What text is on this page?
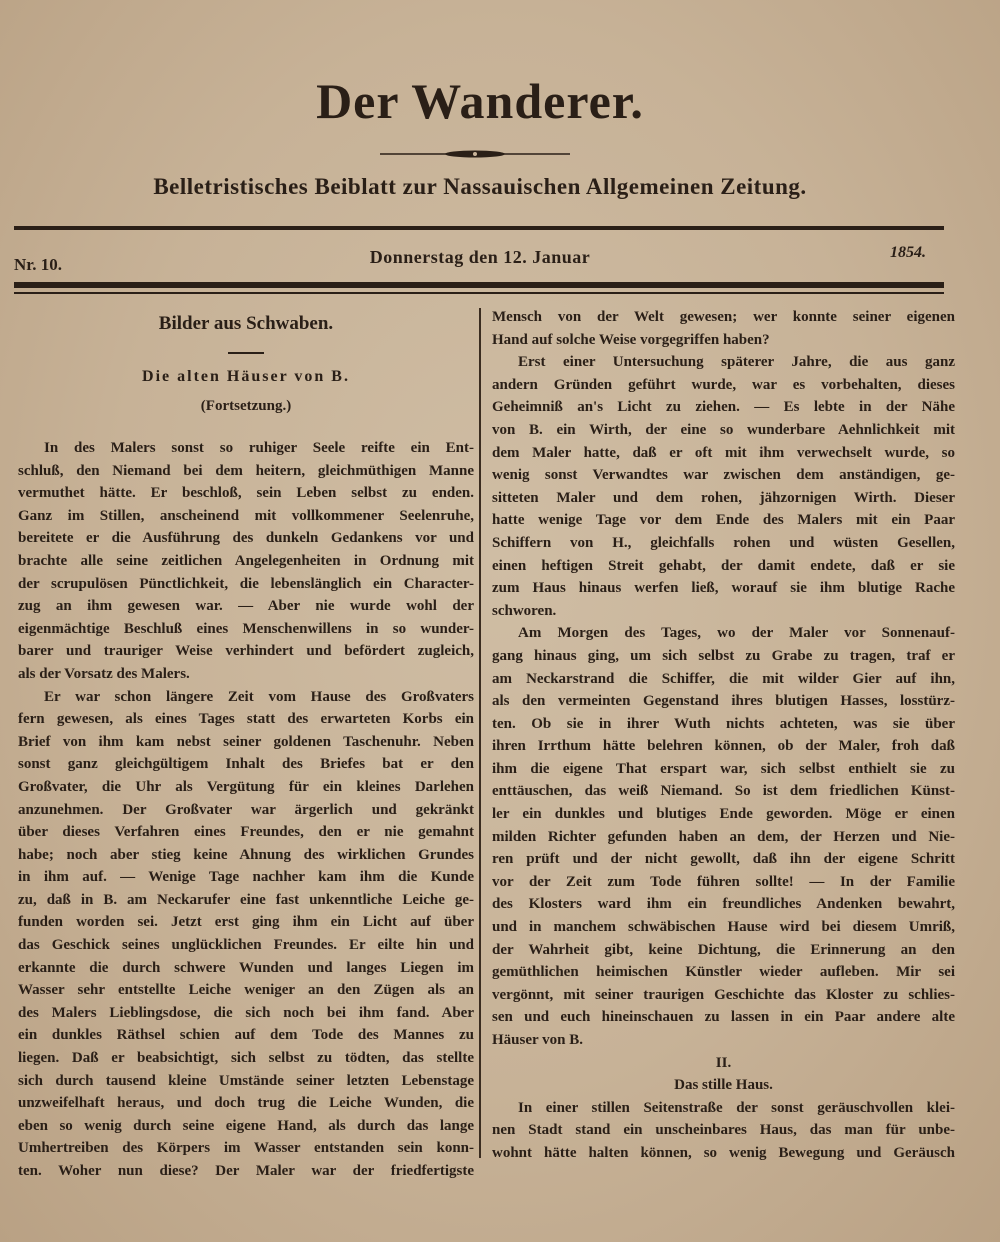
Der Wanderer.
Belletristisches Beiblatt zur Nassauischen Allgemeinen Zeitung.
Nr. 10.	Donnerstag den 12. Januar	1854.
Bilder aus Schwaben.
Die alten Häuser von B.
(Fortsetzung.)
In des Malers sonst so ruhiger Seele reifte ein Ent-
schluß, den Niemand bei dem heitern, gleichmüthigen Manne
vermuthet hätte. Er beschloß, sein Leben selbst zu enden.
Ganz im Stillen, anscheinend mit vollkommener Seelenruhe,
bereitete er die Ausführung des dunkeln Gedankens vor und
brachte alle seine zeitlichen Angelegenheiten in Ordnung mit
der scrupulösen Pünctlichkeit, die lebenslänglich ein Character-
zug an ihm gewesen war. — Aber nie wurde wohl der
eigenmächtige Beschluß eines Menschenwillens in so wunder-
barer und trauriger Weise verhindert und befördert zugleich,
als der Vorsatz des Malers.
Er war schon längere Zeit vom Hause des Großvaters
fern gewesen, als eines Tages statt des erwarteten Korbs ein
Brief von ihm kam nebst seiner goldenen Taschenuhr. Neben
sonst ganz gleichgültigem Inhalt des Briefes bat er den
Großvater, die Uhr als Vergütung für ein kleines Darlehen
anzunehmen. Der Großvater war ärgerlich und gekränkt
über dieses Verfahren eines Freundes, den er nie gemahnt
habe; noch aber stieg keine Ahnung des wirklichen Grundes
in ihm auf. — Wenige Tage nachher kam ihm die Kunde
zu, daß in B. am Neckarufer eine fast unkenntliche Leiche ge-
funden worden sei. Jetzt erst ging ihm ein Licht auf über
das Geschick seines unglücklichen Freundes. Er eilte hin und
erkannte die durch schwere Wunden und langes Liegen im
Wasser sehr entstellte Leiche weniger an den Zügen als an
des Malers Lieblingsdose, die sich noch bei ihm fand. Aber
ein dunkles Räthsel schien auf dem Tode des Mannes zu
liegen. Daß er beabsichtigt, sich selbst zu tödten, das stellte
sich durch tausend kleine Umstände seiner letzten Lebenstage
unzweifelhaft heraus, und doch trug die Leiche Wunden, die
eben so wenig durch seine eigene Hand, als durch das lange
Umhertreiben des Körpers im Wasser entstanden sein konn-
ten. Woher nun diese? Der Maler war der friedfertigste
Mensch von der Welt gewesen; wer konnte seiner eigenen
Hand auf solche Weise vorgegriffen haben?
Erst einer Untersuchung späterer Jahre, die aus ganz
andern Gründen geführt wurde, war es vorbehalten, dieses
Geheimniß an's Licht zu ziehen. — Es lebte in der Nähe
von B. ein Wirth, der eine so wunderbare Aehnlichkeit mit
dem Maler hatte, daß er oft mit ihm verwechselt wurde, so
wenig sonst Verwandtes war zwischen dem anständigen, ge-
sitteten Maler und dem rohen, jähzornigen Wirth. Dieser
hatte wenige Tage vor dem Ende des Malers mit ein Paar
Schiffern von H., gleichfalls rohen und wüsten Gesellen,
einen heftigen Streit gehabt, der damit endete, daß er sie
zum Haus hinaus werfen ließ, worauf sie ihm blutige Rache
schworen.
Am Morgen des Tages, wo der Maler vor Sonnenauf-
gang hinaus ging, um sich selbst zu Grabe zu tragen, traf er
am Neckarstrand die Schiffer, die mit wilder Gier auf ihn,
als den vermeinten Gegenstand ihres blutigen Hasses, losstürz-
ten. Ob sie in ihrer Wuth nichts achteten, was sie über
ihren Irrthum hätte belehren können, ob der Maler, froh daß
ihm die eigene That erspart war, sich selbst enthielt sie zu
enttäuschen, das weiß Niemand. So ist dem friedlichen Künst-
ler ein dunkles und blutiges Ende geworden. Möge er einen
milden Richter gefunden haben an dem, der Herzen und Nie-
ren prüft und der nicht gewollt, daß ihn der eigene Schritt
vor der Zeit zum Tode führen sollte! — In der Familie
des Klosters ward ihm ein freundliches Andenken bewahrt,
und in manchem schwäbischen Hause wird bei diesem Umriß,
der Wahrheit gibt, keine Dichtung, die Erinnerung an den
gemüthlichen heimischen Künstler wieder aufleben. Mir sei
vergönnt, mit seiner traurigen Geschichte das Kloster zu schlies-
sen und euch hineinschauen zu lassen in ein Paar andere alte
Häuser von B.
II.
Das stille Haus.
In einer stillen Seitenstraße der sonst geräuschvollen klei-
nen Stadt stand ein unscheinbares Haus, das man für unbe-
wohnt hätte halten können, so wenig Bewegung und Geräusch
